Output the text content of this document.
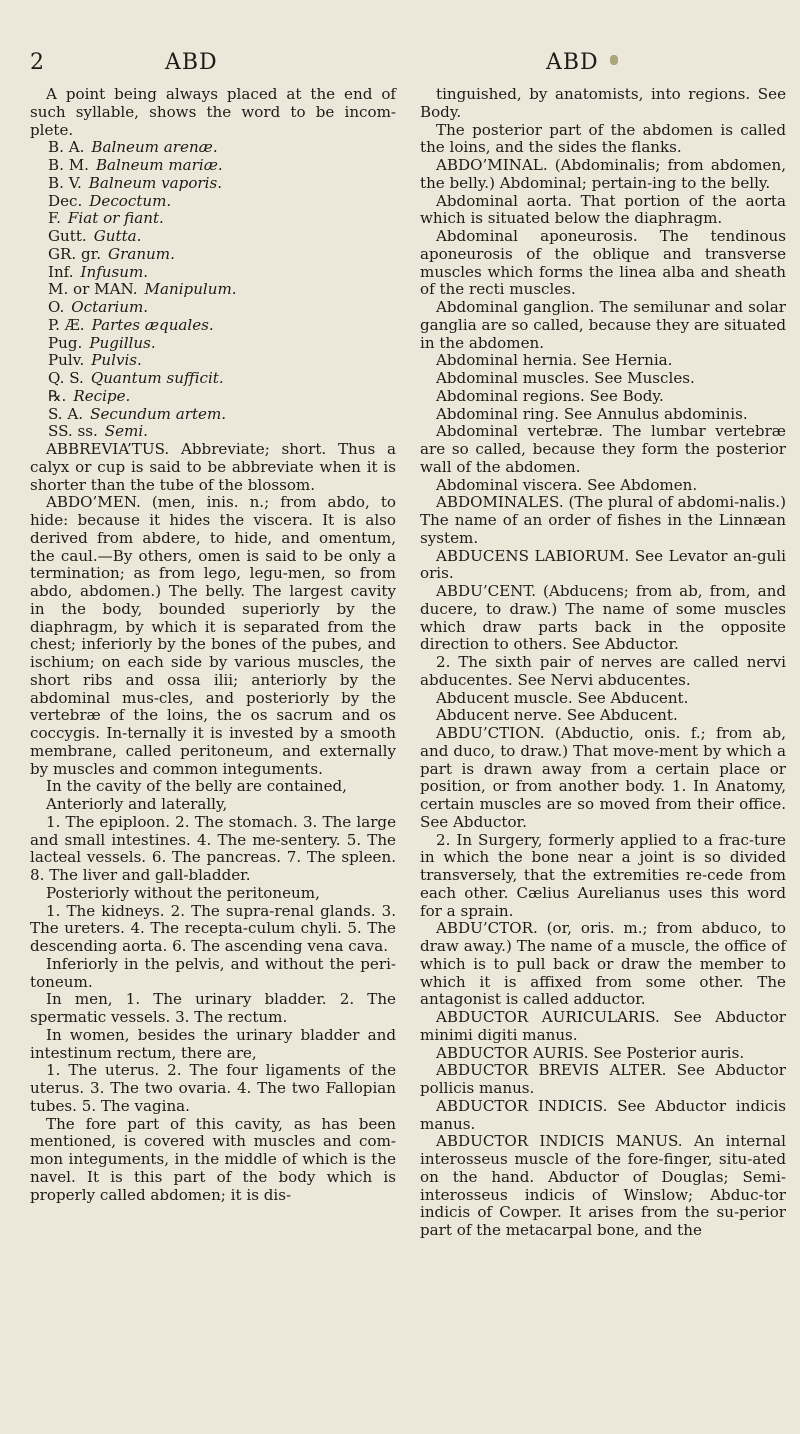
2	ABD	ABD

A point being always placed at the end of such syllable, shows the word to be incom-plete.

B. A. Balneum arenæ.
B. M. Balneum mariæ.
B. V. Balneum vaporis.
Dec. Decoctum.
F. Fiat or fiant.
Gutt. Gutta.
GR. gr. Granum.
Inf. Infusum.
M. or MAN. Manipulum.
O. Octarium.
P. Æ. Partes æquales.
Pug. Pugillus.
Pulv. Pulvis.
Q. S. Quantum sufficit.
℞. Recipe.
S. A. Secundum artem.
SS. ss. Semi.

ABBREVIA’TUS. Abbreviate; short. Thus a calyx or cup is said to be abbreviate when it is shorter than the tube of the blossom.

ABDO’MEN. (men, inis. n.; from abdo, to hide: because it hides the viscera. It is also derived from abdere, to hide, and omentum, the caul.—By others, omen is said to be only a termination; as from lego, legu-men, so from abdo, abdomen.) The belly. The largest cavity in the body, bounded superiorly by the diaphragm, by which it is separated from the chest; inferiorly by the bones of the pubes, and ischium; on each side by various muscles, the short ribs and ossa ilii; anteriorly by the abdominal mus-cles, and posteriorly by the vertebræ of the loins, the os sacrum and os coccygis. In-ternally it is invested by a smooth membrane, called peritoneum, and externally by muscles and common integuments.

In the cavity of the belly are contained,

Anteriorly and laterally,

1. The epiploon. 2. The stomach. 3. The large and small intestines. 4. The me-sentery. 5. The lacteal vessels. 6. The pancreas. 7. The spleen. 8. The liver and gall-bladder.

Posteriorly without the peritoneum,

1. The kidneys. 2. The supra-renal glands. 3. The ureters. 4. The recepta-culum chyli. 5. The descending aorta. 6. The ascending vena cava.

Inferiorly in the pelvis, and without the peri-toneum.

In men, 1. The urinary bladder. 2. The spermatic vessels. 3. The rectum.

In women, besides the urinary bladder and intestinum rectum, there are,

1. The uterus. 2. The four ligaments of the uterus. 3. The two ovaria. 4. The two Fallopian tubes. 5. The vagina.

The fore part of this cavity, as has been mentioned, is covered with muscles and com-mon integuments, in the middle of which is the navel. It is this part of the body which is properly called abdomen; it is dis-

tinguished, by anatomists, into regions. See Body.

The posterior part of the abdomen is called the loins, and the sides the flanks.

ABDO’MINAL. (Abdominalis; from abdomen, the belly.) Abdominal; pertain-ing to the belly.

Abdominal aorta. That portion of the aorta which is situated below the diaphragm.

Abdominal aponeurosis. The tendinous aponeurosis of the oblique and transverse muscles which forms the linea alba and sheath of the recti muscles.

Abdominal ganglion. The semilunar and solar ganglia are so called, because they are situated in the abdomen.

Abdominal hernia. See Hernia.

Abdominal muscles. See Muscles.

Abdominal regions. See Body.

Abdominal ring. See Annulus abdominis.

Abdominal vertebræ. The lumbar vertebræ are so called, because they form the posterior wall of the abdomen.

Abdominal viscera. See Abdomen.

ABDOMINALES. (The plural of abdomi-nalis.) The name of an order of fishes in the Linnæan system.

ABDUCENS LABIORUM. See Levator an-guli oris.

ABDU’CENT. (Abducens; from ab, from, and ducere, to draw.) The name of some muscles which draw parts back in the opposite direction to others. See Abductor.

2. The sixth pair of nerves are called nervi abducentes. See Nervi abducentes.

Abducent muscle. See Abducent.

Abducent nerve. See Abducent.

ABDU’CTION. (Abductio, onis. f.; from ab, and duco, to draw.) That move-ment by which a part is drawn away from a certain place or position, or from another body. 1. In Anatomy, certain muscles are so moved from their office. See Abductor.

2. In Surgery, formerly applied to a frac-ture in which the bone near a joint is so divided transversely, that the extremities re-cede from each other. Cælius Aurelianus uses this word for a sprain.

ABDU’CTOR. (or, oris. m.; from abduco, to draw away.) The name of a muscle, the office of which is to pull back or draw the member to which it is affixed from some other. The antagonist is called adductor.

ABDUCTOR AURICULARIS. See Abductor minimi digiti manus.

ABDUCTOR AURIS. See Posterior auris.

ABDUCTOR BREVIS ALTER. See Abductor pollicis manus.

ABDUCTOR INDICIS. See Abductor indicis manus.

ABDUCTOR INDICIS MANUS. An internal interosseus muscle of the fore-finger, situ-ated on the hand. Abductor of Douglas; Semi-interosseus indicis of Winslow; Abduc-tor indicis of Cowper. It arises from the su-perior part of the metacarpal bone, and the
